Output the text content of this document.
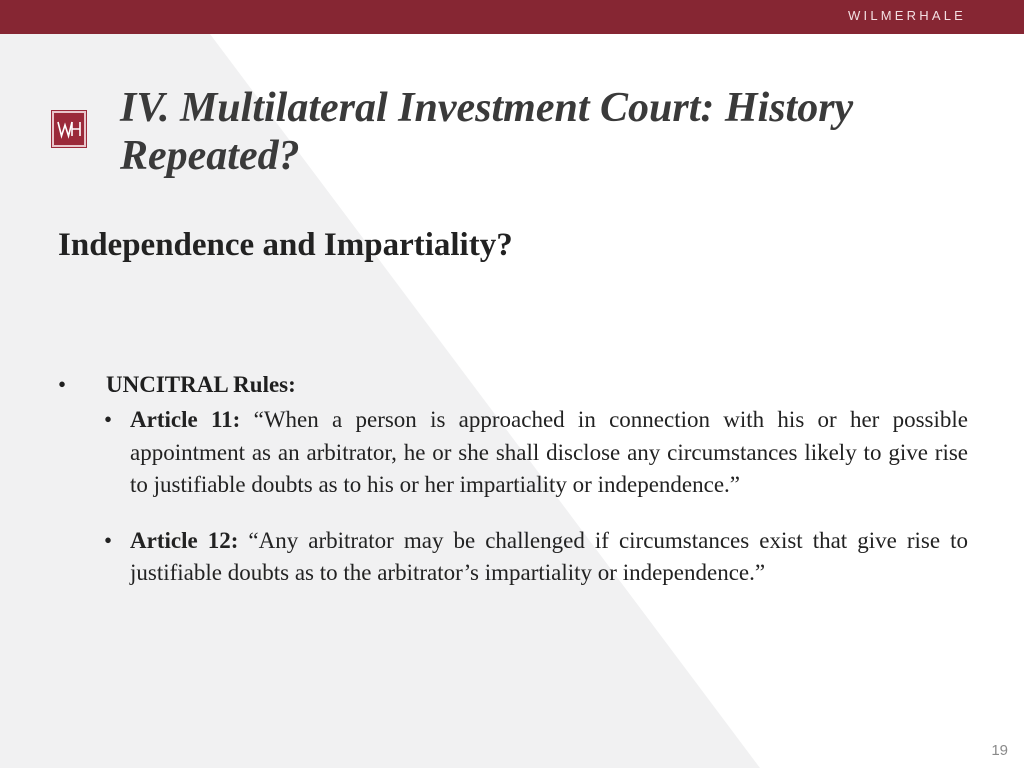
WILMERHALE
IV. Multilateral Investment Court: History Repeated?
Independence and Impartiality?
•	UNCITRAL Rules:

• Article 11: “When a person is approached in connection with his or her possible appointment as an arbitrator, he or she shall disclose any circumstances likely to give rise to justifiable doubts as to his or her impartiality or independence.”

• Article 12: “Any arbitrator may be challenged if circumstances exist that give rise to justifiable doubts as to the arbitrator’s impartiality or independence.”

19
